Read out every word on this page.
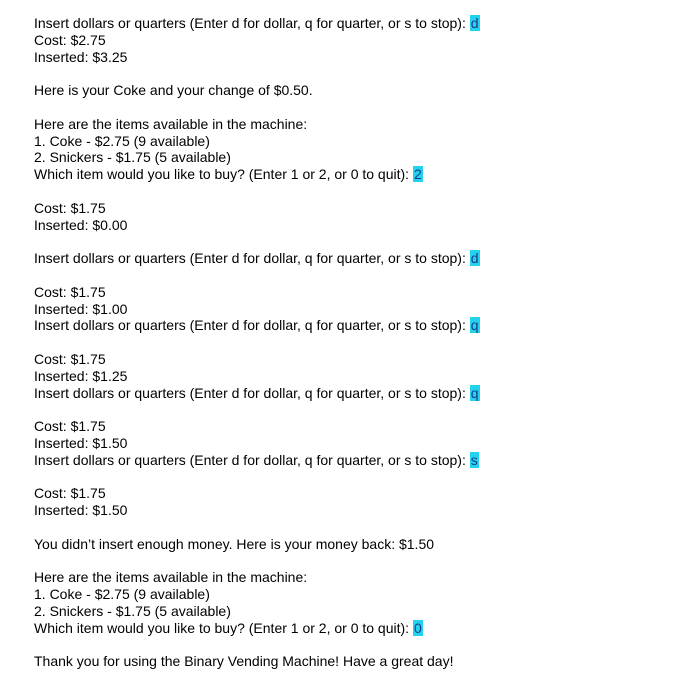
Insert dollars or quarters (Enter d for dollar, q for quarter, or s to stop): d
Cost: $2.75
Inserted: $3.25
Here is your Coke and your change of $0.50.
Here are the items available in the machine:
1. Coke - $2.75 (9 available)
2. Snickers - $1.75 (5 available)
Which item would you like to buy? (Enter 1 or 2, or 0 to quit): 2
Cost: $1.75
Inserted: $0.00
Insert dollars or quarters (Enter d for dollar, q for quarter, or s to stop): d
Cost: $1.75
Inserted: $1.00
Insert dollars or quarters (Enter d for dollar, q for quarter, or s to stop): q
Cost: $1.75
Inserted: $1.25
Insert dollars or quarters (Enter d for dollar, q for quarter, or s to stop): q
Cost: $1.75
Inserted: $1.50
Insert dollars or quarters (Enter d for dollar, q for quarter, or s to stop): s
Cost: $1.75
Inserted: $1.50
You didn’t insert enough money. Here is your money back: $1.50
Here are the items available in the machine:
1. Coke - $2.75 (9 available)
2. Snickers - $1.75 (5 available)
Which item would you like to buy? (Enter 1 or 2, or 0 to quit): 0
Thank you for using the Binary Vending Machine! Have a great day!
